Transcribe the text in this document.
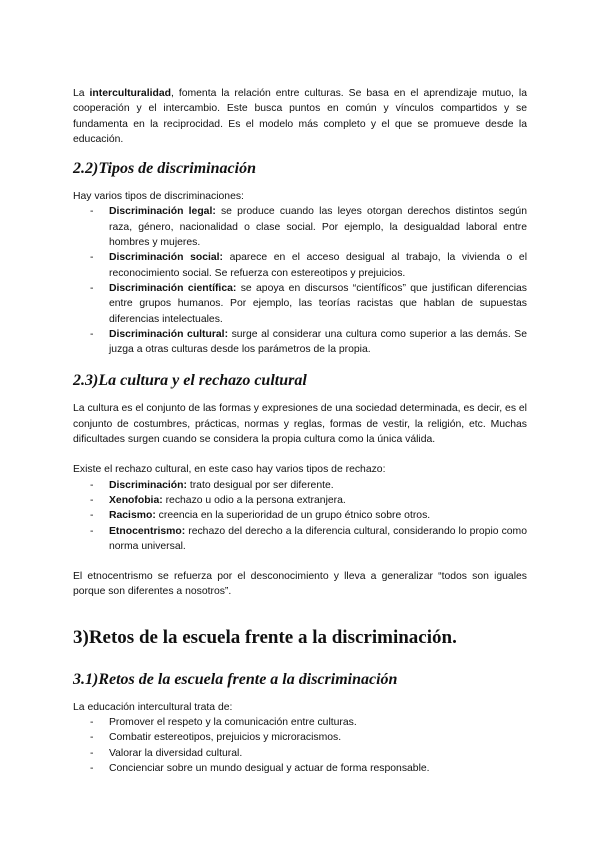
La interculturalidad, fomenta la relación entre culturas. Se basa en el aprendizaje mutuo, la cooperación y el intercambio. Este busca puntos en común y vínculos compartidos y se fundamenta en la reciprocidad. Es el modelo más completo y el que se promueve desde la educación.

2.2)Tipos de discriminación

Hay varios tipos de discriminaciones:

- Discriminación legal: se produce cuando las leyes otorgan derechos distintos según raza, género, nacionalidad o clase social. Por ejemplo, la desigualdad laboral entre hombres y mujeres.
- Discriminación social: aparece en el acceso desigual al trabajo, la vivienda o el reconocimiento social. Se refuerza con estereotipos y prejuicios.
- Discriminación científica: se apoya en discursos “científicos” que justifican diferencias entre grupos humanos. Por ejemplo, las teorías racistas que hablan de supuestas diferencias intelectuales.
- Discriminación cultural: surge al considerar una cultura como superior a las demás. Se juzga a otras culturas desde los parámetros de la propia.
2.3)La cultura y el rechazo cultural

La cultura es el conjunto de las formas y expresiones de una sociedad determinada, es decir, es el conjunto de costumbres, prácticas, normas y reglas, formas de vestir, la religión, etc. Muchas dificultades surgen cuando se considera la propia cultura como la única válida.

Existe el rechazo cultural, en este caso hay varios tipos de rechazo:

- Discriminación: trato desigual por ser diferente.
- Xenofobia: rechazo u odio a la persona extranjera.
- Racismo: creencia en la superioridad de un grupo étnico sobre otros.
- Etnocentrismo: rechazo del derecho a la diferencia cultural, considerando lo propio como norma universal.

El etnocentrismo se refuerza por el desconocimiento y lleva a generalizar “todos son iguales porque son diferentes a nosotros”.

3)Retos de la escuela frente a la discriminación.
3.1)Retos de la escuela frente a la discriminación

La educación intercultural trata de:

- Promover el respeto y la comunicación entre culturas.
- Combatir estereotipos, prejuicios y microracismos.
- Valorar la diversidad cultural.
- Concienciar sobre un mundo desigual y actuar de forma responsable.
